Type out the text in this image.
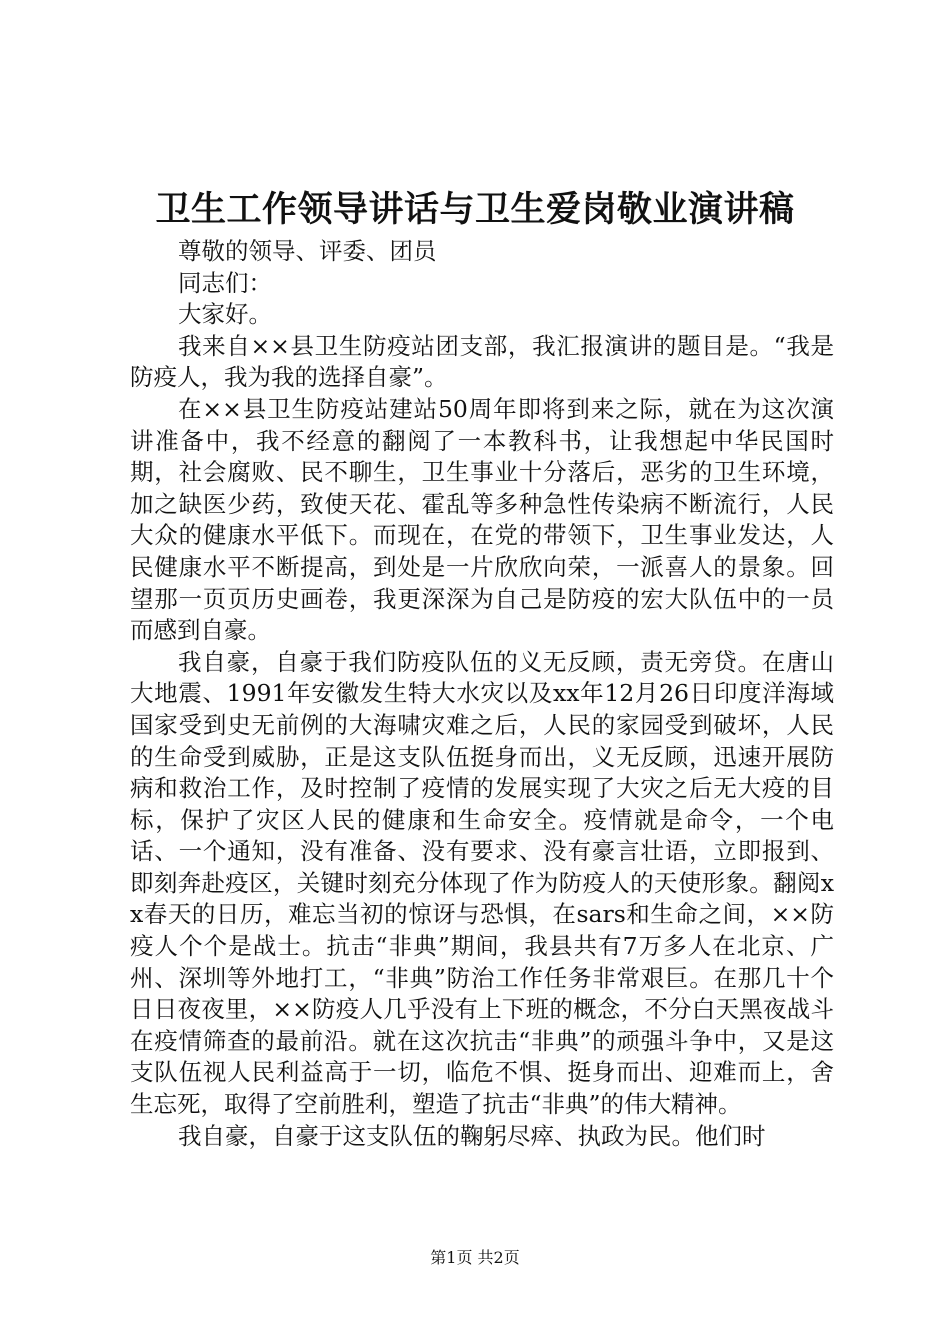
卫生工作领导讲话与卫生爱岗敬业演讲稿

尊敬的领导、评委、团员

同志们：

大家好。

我来自××县卫生防疫站团支部，我汇报演讲的题目是。“我是防疫人，我为我的选择自豪”。

在××县卫生防疫站建站50周年即将到来之际，就在为这次演讲准备中，我不经意的翻阅了一本教科书，让我想起中华民国时期，社会腐败、民不聊生，卫生事业十分落后，恶劣的卫生环境，加之缺医少药，致使天花、霍乱等多种急性传染病不断流行，人民大众的健康水平低下。而现在，在党的带领下，卫生事业发达，人民健康水平不断提高，到处是一片欣欣向荣，一派喜人的景象。回望那一页页历史画卷，我更深深为自己是防疫的宏大队伍中的一员而感到自豪。

我自豪，自豪于我们防疫队伍的义无反顾，责无旁贷。在唐山大地震、1991年安徽发生特大水灾以及xx年12月26日印度洋海域国家受到史无前例的大海啸灾难之后，人民的家园受到破坏，人民的生命受到威胁，正是这支队伍挺身而出，义无反顾，迅速开展防病和救治工作，及时控制了疫情的发展实现了大灾之后无大疫的目标，保护了灾区人民的健康和生命安全。疫情就是命令，一个电话、一个通知，没有准备、没有要求、没有豪言壮语，立即报到、即刻奔赴疫区，关键时刻充分体现了作为防疫人的天使形象。翻阅xx春天的日历，难忘当初的惊讶与恐惧，在sars和生命之间，××防疫人个个是战士。抗击“非典”期间，我县共有7万多人在北京、广州、深圳等外地打工，“非典”防治工作任务非常艰巨。在那几十个日日夜夜里，××防疫人几乎没有上下班的概念，不分白天黑夜战斗在疫情筛查的最前沿。就在这次抗击“非典”的顽强斗争中，又是这支队伍视人民利益高于一切，临危不惧、挺身而出、迎难而上，舍生忘死，取得了空前胜利，塑造了抗击“非典”的伟大精神。

我自豪，自豪于这支队伍的鞠躬尽瘁、执政为民。他们时

第1页 共2页
